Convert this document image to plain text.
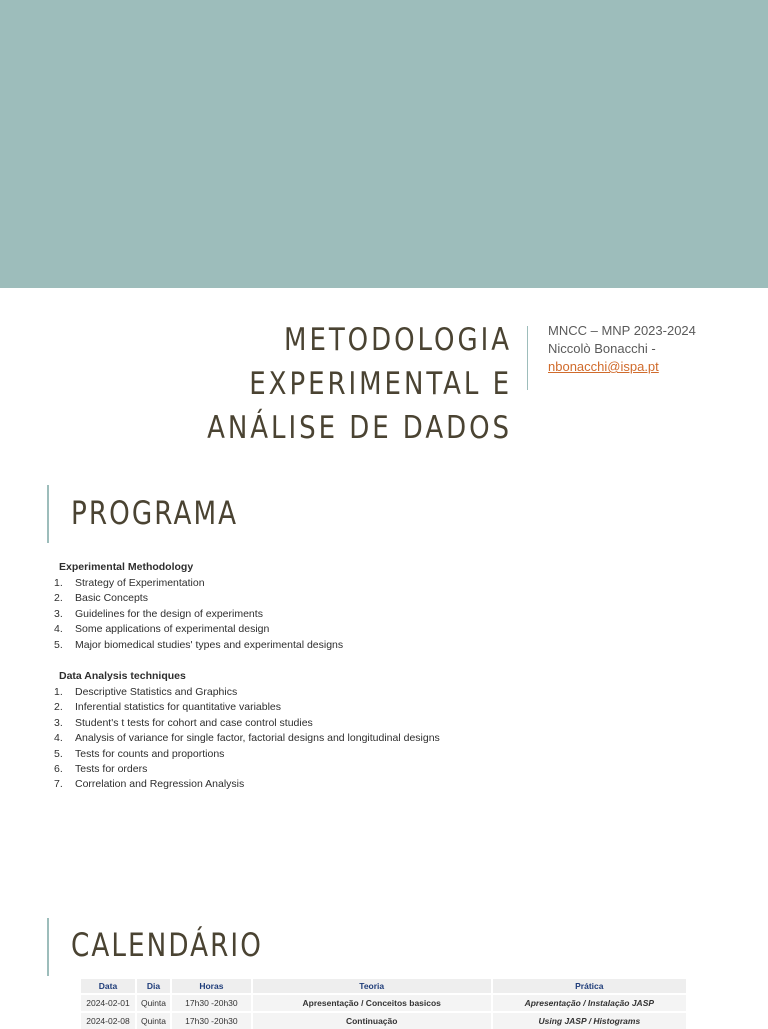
METODOLOGIA EXPERIMENTAL E
ANÁLISE DE DADOS
MNCC – MNP 2023-2024
Niccolò Bonacchi -
nbonacchi@ispa.pt
PROGRAMA
Experimental Methodology
1. Strategy of Experimentation
2. Basic Concepts
3. Guidelines for the design of experiments
4. Some applications of experimental design
5. Major biomedical studies' types and experimental designs
Data Analysis techniques
1. Descriptive Statistics and Graphics
2. Inferential statistics for quantitative variables
3. Student's t tests for cohort and case control studies
4. Analysis of variance for single factor, factorial designs and longitudinal designs
5. Tests for counts and proportions
6. Tests for orders
7. Correlation and Regression Analysis
CALENDÁRIO
Data	Dia	Horas	Teoria	Prática
2024-02-01	Quinta	17h30 -20h30	Apresentação / Conceitos basicos	Apresentação / Instalação JASP
2024-02-08	Quinta	17h30 -20h30	Continuação	Using JASP / Histograms
